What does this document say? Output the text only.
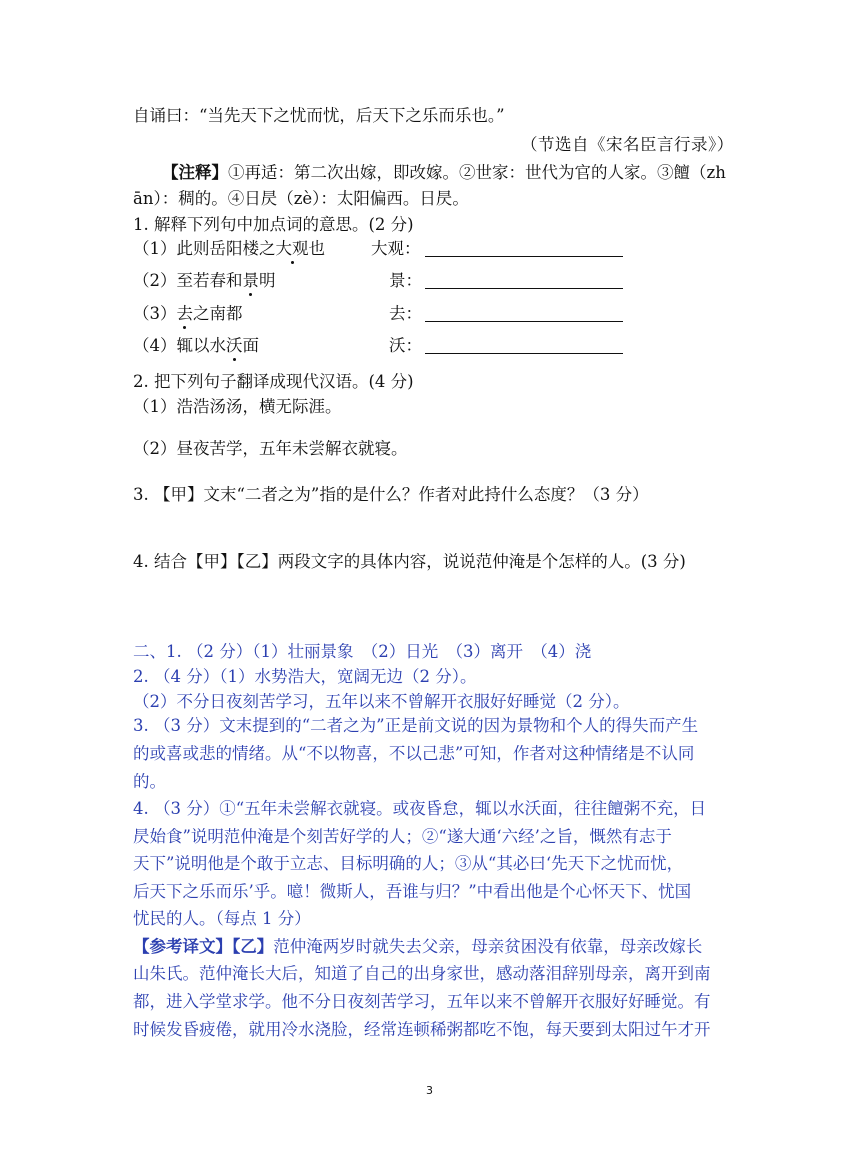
自诵曰：“当先天下之忧而忧，后天下之乐而乐也。”
（节选自《宋名臣言行录》）
【注释】①再适：第二次出嫁，即改嫁。②世家：世代为官的人家。③饘（zh
ān）：稠的。④日昃（zè）：太阳偏西。日昃。
1. 解释下列句中加点词的意思。(2 分)
（1）此则岳阳楼之大观也	大观：
（2）至若春和景明	景：
（3）去之南都	去：
（4）辄以水沃面	沃：
2. 把下列句子翻译成现代汉语。(4 分)
（1）浩浩汤汤，横无际涯。
（2）昼夜苦学，五年未尝解衣就寝。
3. 【甲】文末“二者之为”指的是什么？作者对此持什么态度？（3 分）
4. 结合【甲】【乙】两段文字的具体内容，说说范仲淹是个怎样的人。(3 分)
二、1. （2 分）（1）壮丽景象　（2）日光　（3）离开　（4）浇
2. （4 分）（1）水势浩大，宽阔无边（2 分）。
（2）不分日夜刻苦学习，五年以来不曾解开衣服好好睡觉（2 分）。
3. （3 分）文末提到的“二者之为”正是前文说的因为景物和个人的得失而产生
的或喜或悲的情绪。从“不以物喜，不以己悲”可知，作者对这种情绪是不认同
的。
4. （3 分）①“五年未尝解衣就寝。或夜昏怠，辄以水沃面，往往饘粥不充，日
昃始食”说明范仲淹是个刻苦好学的人；②“遂大通‘六经’之旨，慨然有志于
天下”说明他是个敢于立志、目标明确的人；③从“其必曰‘先天下之忧而忧，
后天下之乐而乐’乎。噫！微斯人，吾谁与归？”中看出他是个心怀天下、忧国
忧民的人。（每点 1 分）
【参考译文】【乙】范仲淹两岁时就失去父亲，母亲贫困没有依靠，母亲改嫁长
山朱氏。范仲淹长大后，知道了自己的出身家世，感动落泪辞别母亲，离开到南
都，进入学堂求学。他不分日夜刻苦学习，五年以来不曾解开衣服好好睡觉。有
时候发昏疲倦，就用冷水浇脸，经常连顿稀粥都吃不饱，每天要到太阳过午才开
3
